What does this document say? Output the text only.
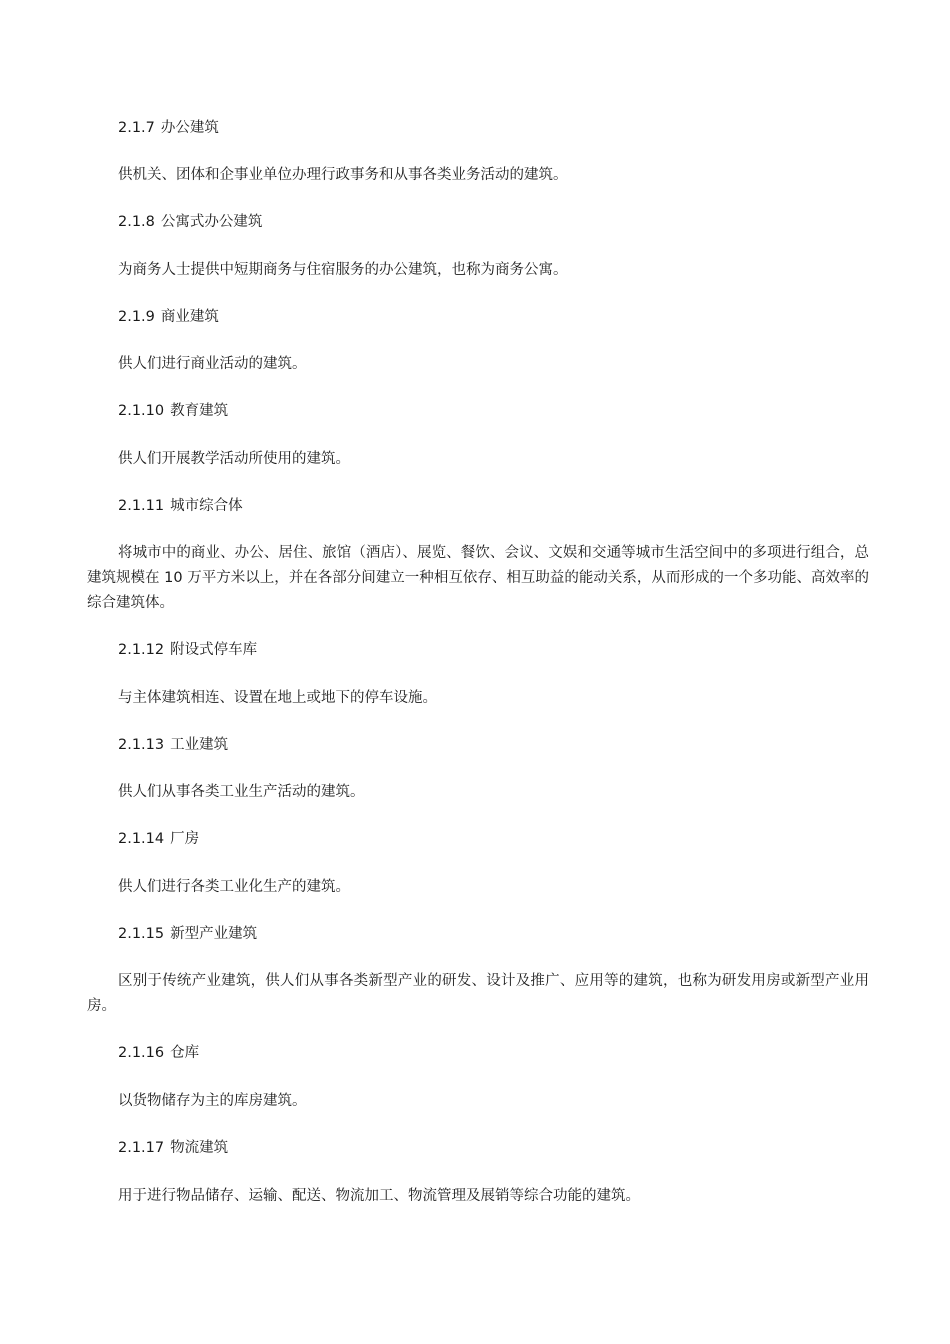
2.1.7 办公建筑
供机关、团体和企事业单位办理行政事务和从事各类业务活动的建筑。
2.1.8 公寓式办公建筑
为商务人士提供中短期商务与住宿服务的办公建筑，也称为商务公寓。
2.1.9 商业建筑
供人们进行商业活动的建筑。
2.1.10 教育建筑
供人们开展教学活动所使用的建筑。
2.1.11 城市综合体
将城市中的商业、办公、居住、旅馆（酒店）、展览、餐饮、会议、文娱和交通等城市生活空间中的多项进行组合，总建筑规模在 10 万平方米以上，并在各部分间建立一种相互依存、相互助益的能动关系，从而形成的一个多功能、高效率的综合建筑体。
2.1.12 附设式停车库
与主体建筑相连、设置在地上或地下的停车设施。
2.1.13 工业建筑
供人们从事各类工业生产活动的建筑。
2.1.14 厂房
供人们进行各类工业化生产的建筑。
2.1.15 新型产业建筑
区别于传统产业建筑，供人们从事各类新型产业的研发、设计及推广、应用等的建筑，也称为研发用房或新型产业用房。
2.1.16 仓库
以货物储存为主的库房建筑。
2.1.17 物流建筑
用于进行物品储存、运输、配送、物流加工、物流管理及展销等综合功能的建筑。
